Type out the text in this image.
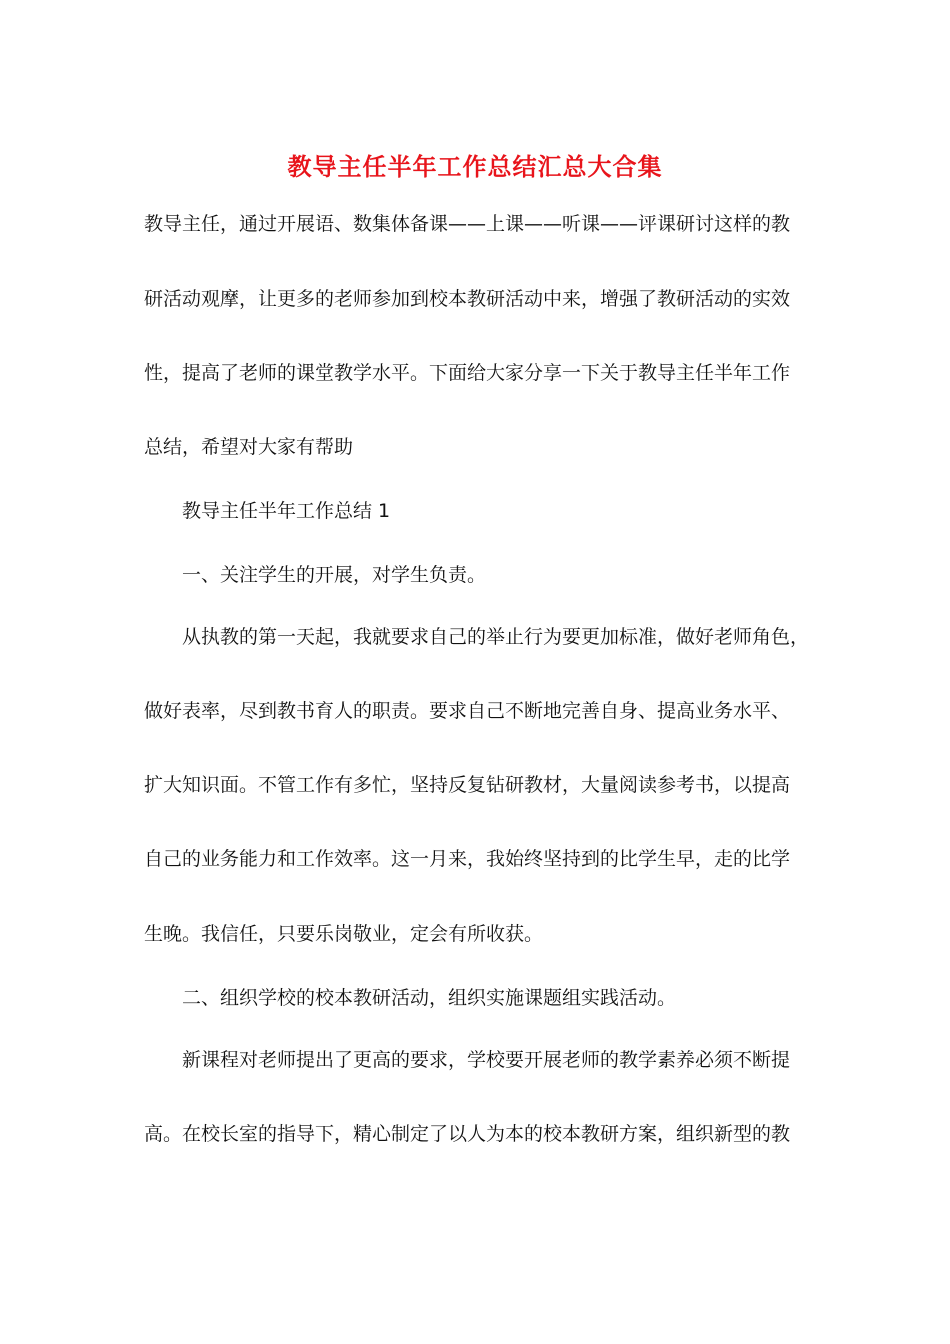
教导主任半年工作总结汇总大合集
教导主任，通过开展语、数集体备课——上课——听课——评课研讨这样的教
研活动观摩，让更多的老师参加到校本教研活动中来，增强了教研活动的实效
性，提高了老师的课堂教学水平。下面给大家分享一下关于教导主任半年工作
总结，希望对大家有帮助
教导主任半年工作总结 1
一、关注学生的开展，对学生负责。
从执教的第一天起，我就要求自己的举止行为要更加标准，做好老师角色，
做好表率，尽到教书育人的职责。要求自己不断地完善自身、提高业务水平、
扩大知识面。不管工作有多忙，坚持反复钻研教材，大量阅读参考书，以提高
自己的业务能力和工作效率。这一月来，我始终坚持到的比学生早，走的比学
生晚。我信任，只要乐岗敬业，定会有所收获。
二、组织学校的校本教研活动，组织实施课题组实践活动。
新课程对老师提出了更高的要求，学校要开展老师的教学素养必须不断提
高。在校长室的指导下，精心制定了以人为本的校本教研方案，组织新型的教
